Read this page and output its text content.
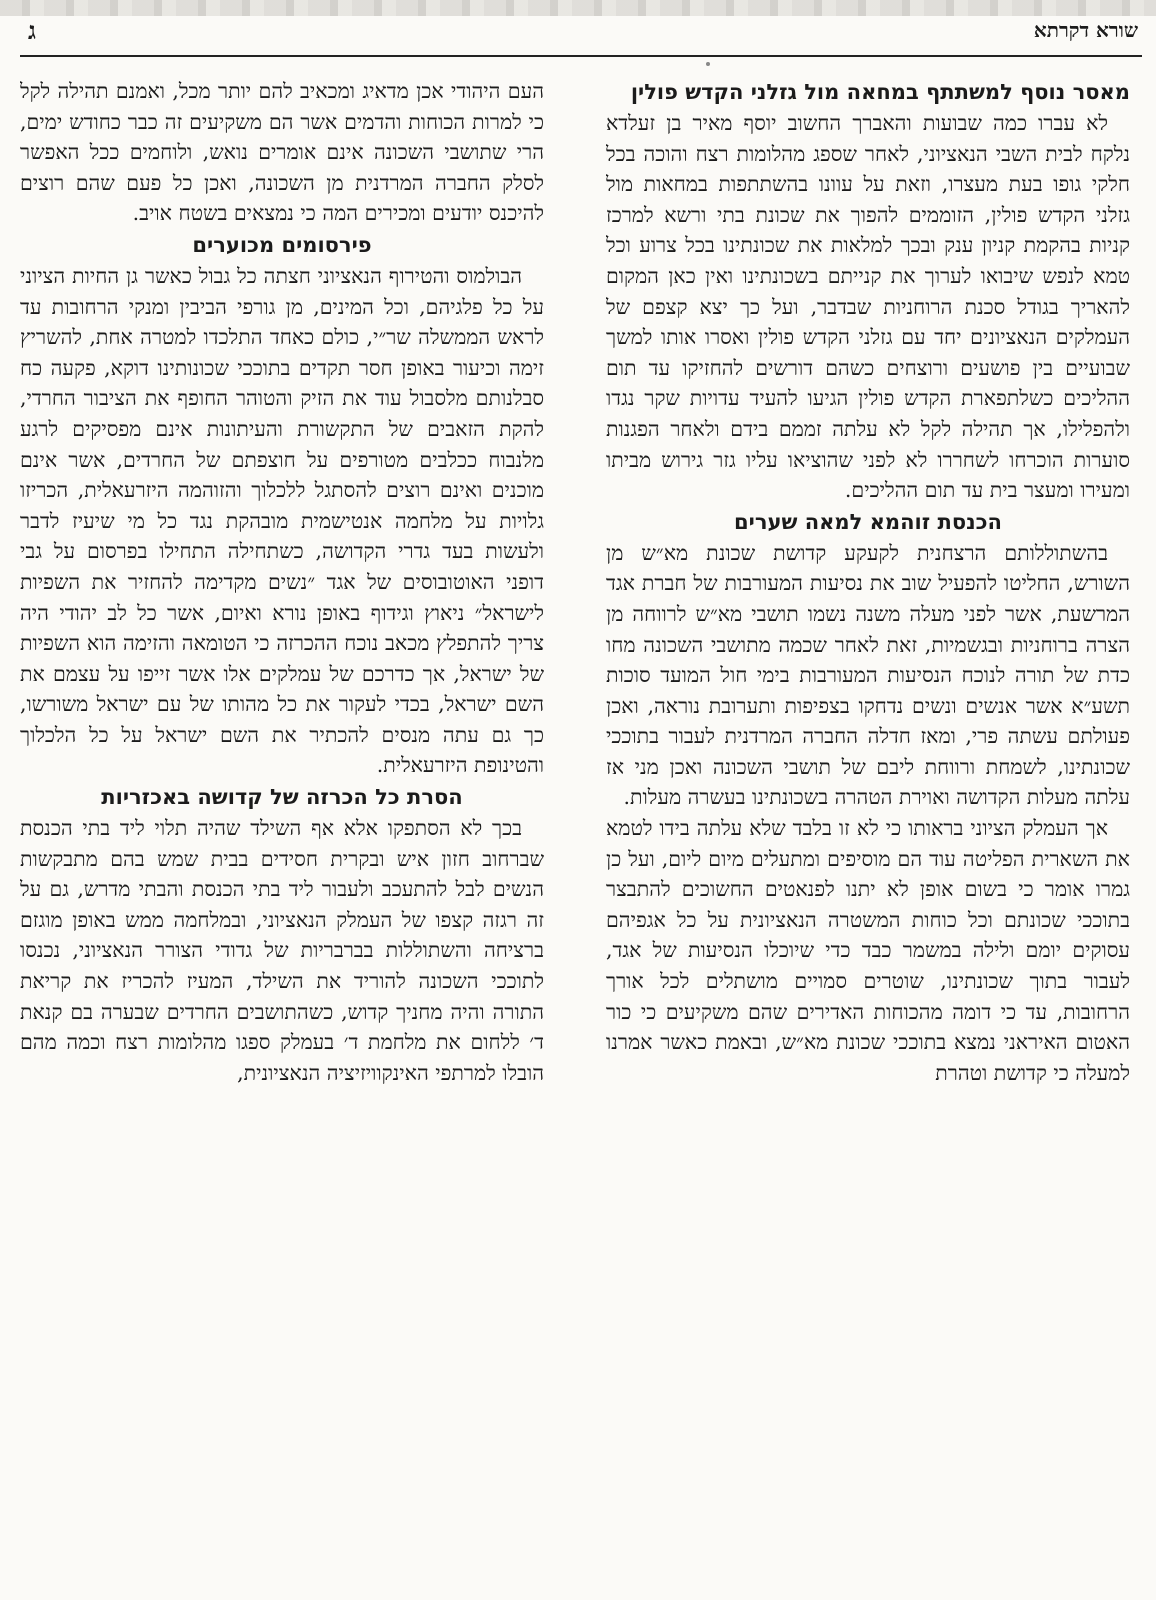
שורא דקרתא
ג
מאסר נוסף למשתתף במחאה מול גזלני הקדש פולין

לא עברו כמה שבועות והאברך החשוב יוסף מאיר בן זעלדא נלקח לבית השבי הנאציוני, לאחר שספג מהלומות רצח והוכה בכל חלקי גופו בעת מעצרו, וזאת על עוונו בהשתתפות במחאות מול גזלני הקדש פולין, הזוממים להפוך את שכונת בתי ורשא למרכז קניות בהקמת קניון ענק ובכך למלאות את שכונתינו בכל צרוע וכל טמא לנפש שיבואו לערוך את קנייתם בשכונתינו ואין כאן המקום להאריך בגודל סכנת הרוחניות שבדבר, ועל כך יצא קצפם של העמלקים הנאציונים יחד עם גזלני הקדש פולין ואסרו אותו למשך שבועיים בין פושעים ורוצחים כשהם דורשים להחזיקו עד תום ההליכים כשלתפארת הקדש פולין הגיעו להעיד עדויות שקר נגדו ולהפלילו, אך תהילה לקל לא עלתה זממם בידם ולאחר הפגנות סוערות הוכרחו לשחררו לא לפני שהוציאו עליו גזר גירוש מביתו ומעירו ומעצר בית עד תום ההליכים.

הכנסת זוהמא למאה שערים

בהשתוללותם הרצחנית לקעקע קדושת שכונת מא״ש מן השורש, החליטו להפעיל שוב את נסיעות המעורבות של חברת אגד המרשעת, אשר לפני מעלה משנה נשמו תושבי מא״ש לרווחה מן הצרה ברוחניות ובגשמיות, זאת לאחר שכמה מתושבי השכונה מחו כדת של תורה לנוכח הנסיעות המעורבות בימי חול המועד סוכות תשע״א אשר אנשים ונשים נדחקו בצפיפות ותערובת נוראה, ואכן פעולתם עשתה פרי, ומאז חדלה החברה המרדנית לעבור בתוככי שכונתינו, לשמחת ורווחת ליבם של תושבי השכונה ואכן מני אז עלתה מעלות הקדושה ואוירת הטהרה בשכונתינו בעשרה מעלות.

אך העמלק הציוני בראותו כי לא זו בלבד שלא עלתה בידו לטמא את השארית הפליטה עוד הם מוסיפים ומתעלים מיום ליום, ועל כן גמרו אומר כי בשום אופן לא יתנו לפנאטים החשוכים להתבצר בתוככי שכונתם וכל כוחות המשטרה הנאציונית על כל אגפיהם עסוקים יומם ולילה במשמר כבד כדי שיוכלו הנסיעות של אגד, לעבור בתוך שכונתינו, שוטרים סמויים מושתלים לכל אורך הרחובות, עד כי דומה מהכוחות האדירים שהם משקיעים כי כור האטום האיראני נמצא בתוככי שכונת מא״ש, ובאמת כאשר אמרנו למעלה כי קדושת וטהרת

העם היהודי אכן מדאיג ומכאיב להם יותר מכל, ואמנם תהילה לקל כי למרות הכוחות והדמים אשר הם משקיעים זה כבר כחודש ימים, הרי שתושבי השכונה אינם אומרים נואש, ולוחמים ככל האפשר לסלק החברה המרדנית מן השכונה, ואכן כל פעם שהם רוצים להיכנס יודעים ומכירים המה כי נמצאים בשטח אויב.

פירסומים מכוערים

הבולמוס והטירוף הנאציוני חצתה כל גבול כאשר גן החיות הציוני על כל פלגיהם, וכל המינים, מן גורפי הביבין ומנקי הרחובות עד לראש הממשלה שר״י, כולם כאחד התלכדו למטרה אחת, להשריץ זימה וכיעור באופן חסר תקדים בתוככי שכונותינו דוקא, פקעה כח סבלנותם מלסבול עוד את הזיק והטוהר החופף את הציבור החרדי, להקת הזאבים של התקשורת והעיתונות אינם מפסיקים לרגע מלנבוח ככלבים מטורפים על חוצפתם של החרדים, אשר אינם מוכנים ואינם רוצים להסתגל ללכלוך והזוהמה היזרעאלית, הכריזו גלויות על מלחמה אנטישמית מובהקת נגד כל מי שיעיז לדבר ולעשות בעד גדרי הקדושה, כשתחילה התחילו בפרסום על גבי דופני האוטובוסים של אגד ״נשים מקדימה להחזיר את השפיות לישראל״ ניאוץ וגידוף באופן נורא ואיום, אשר כל לב יהודי היה צריך להתפלץ מכאב נוכח ההכרזה כי הטומאה והזימה הוא השפיות של ישראל, אך כדרכם של עמלקים אלו אשר זייפו על עצמם את השם ישראל, בכדי לעקור את כל מהותו של עם ישראל משורשו, כך גם עתה מנסים להכתיר את השם ישראל על כל הלכלוך והטינופת היזרעאלית.

הסרת כל הכרזה של קדושה באכזריות

בכך לא הסתפקו אלא אף השילד שהיה תלוי ליד בתי הכנסת שברחוב חזון איש ובקרית חסידים בבית שמש בהם מתבקשות הנשים לבל להתעכב ולעבור ליד בתי הכנסת והבתי מדרש, גם על זה רגזה קצפו של העמלק הנאציוני, ובמלחמה ממש באופן מוגזם ברציחה והשתוללות בברבריות של גדודי הצורר הנאציוני, נכנסו לתוככי השכונה להוריד את השילד, המעיז להכריז את קריאת התורה והיה מחניך קדוש, כשהתושבים החרדים שבערה בם קנאת ד׳ ללחום את מלחמת ד׳ בעמלק ספגו מהלומות רצח וכמה מהם הובלו למרתפי האינקוויזיציה הנאציונית,
